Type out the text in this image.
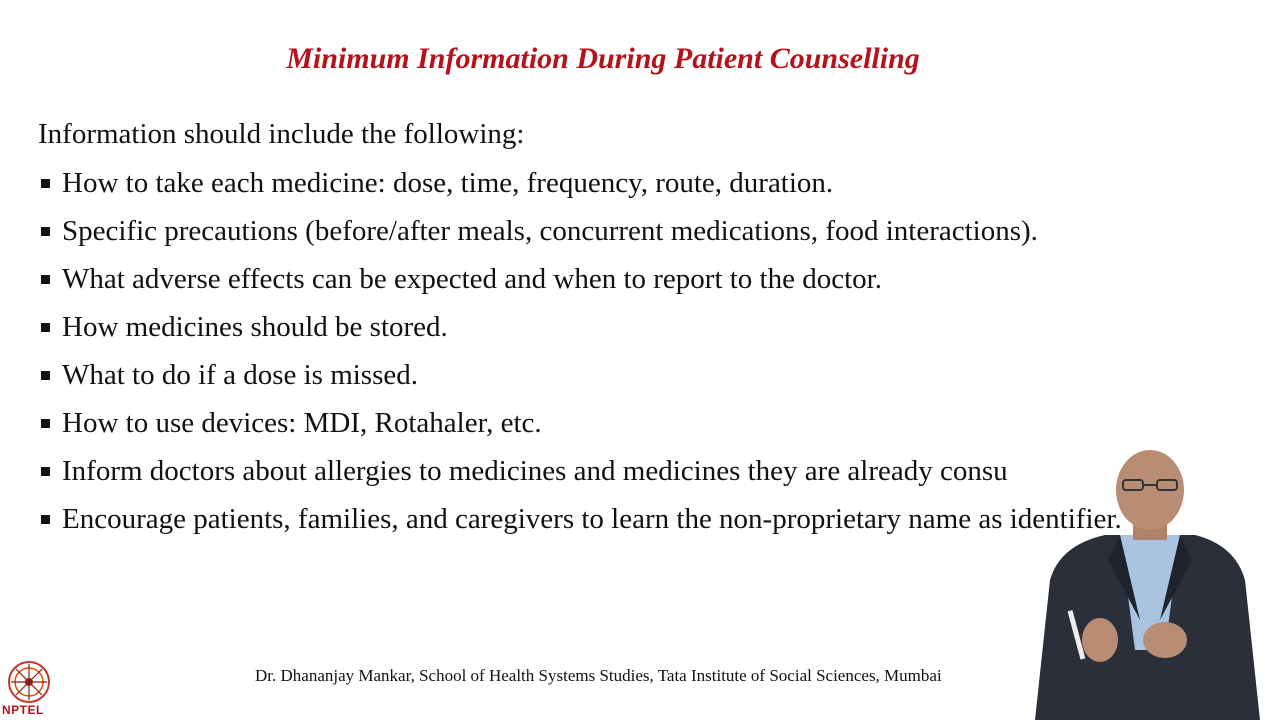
Minimum Information During Patient Counselling
Information should include the following:
How to take each medicine: dose, time, frequency, route, duration.
Specific precautions (before/after meals, concurrent medications, food interactions).
What adverse effects can be expected and when to report to the doctor.
How medicines should be stored.
What to do if a dose is missed.
How to use devices: MDI, Rotahaler, etc.
Inform doctors about allergies to medicines and medicines they are already consu
Encourage patients, families, and caregivers to learn the non-proprietary name as identifier.
Dr. Dhananjay Mankar, School of Health Systems Studies, Tata Institute of Social Sciences, Mumbai
NPTEL
